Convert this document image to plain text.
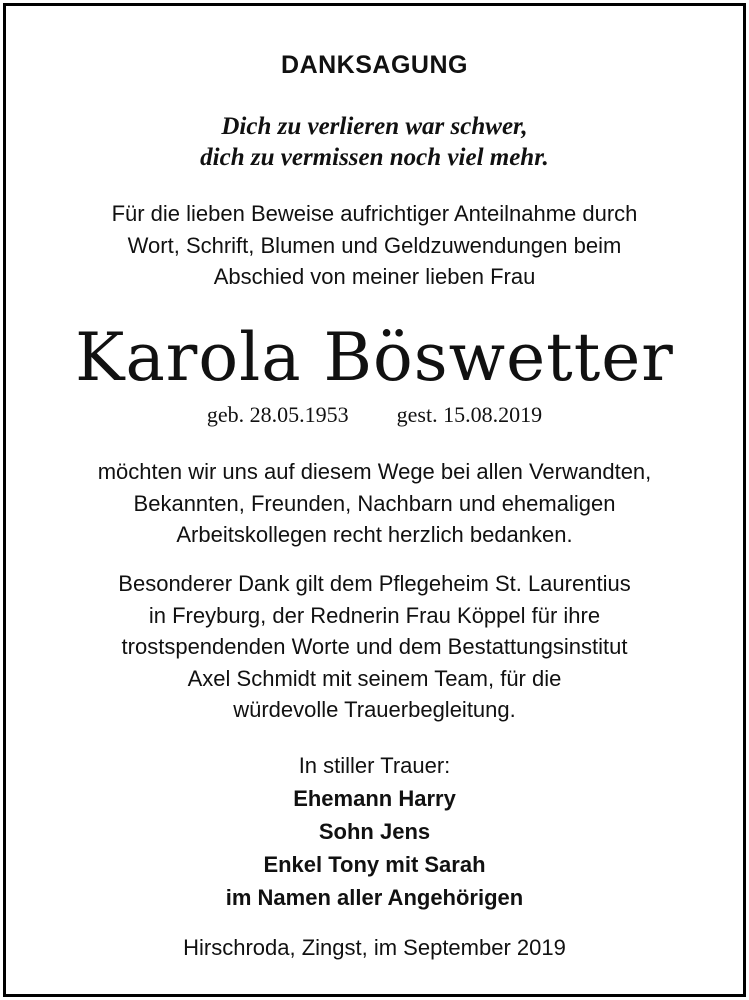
DANKSAGUNG
Dich zu verlieren war schwer,
dich zu vermissen noch viel mehr.
Für die lieben Beweise aufrichtiger Anteilnahme durch
Wort, Schrift, Blumen und Geldzuwendungen beim
Abschied von meiner lieben Frau
Karola Böswetter
geb. 28.05.1953 gest. 15.08.2019
möchten wir uns auf diesem Wege bei allen Verwandten,
Bekannten, Freunden, Nachbarn und ehemaligen
Arbeitskollegen recht herzlich bedanken.
Besonderer Dank gilt dem Pflegeheim St. Laurentius
in Freyburg, der Rednerin Frau Köppel für ihre
trostspendenden Worte und dem Bestattungsinstitut
Axel Schmidt mit seinem Team, für die
würdevolle Trauerbegleitung.
In stiller Trauer:
Ehemann Harry
Sohn Jens
Enkel Tony mit Sarah
im Namen aller Angehörigen
Hirschroda, Zingst, im September 2019
